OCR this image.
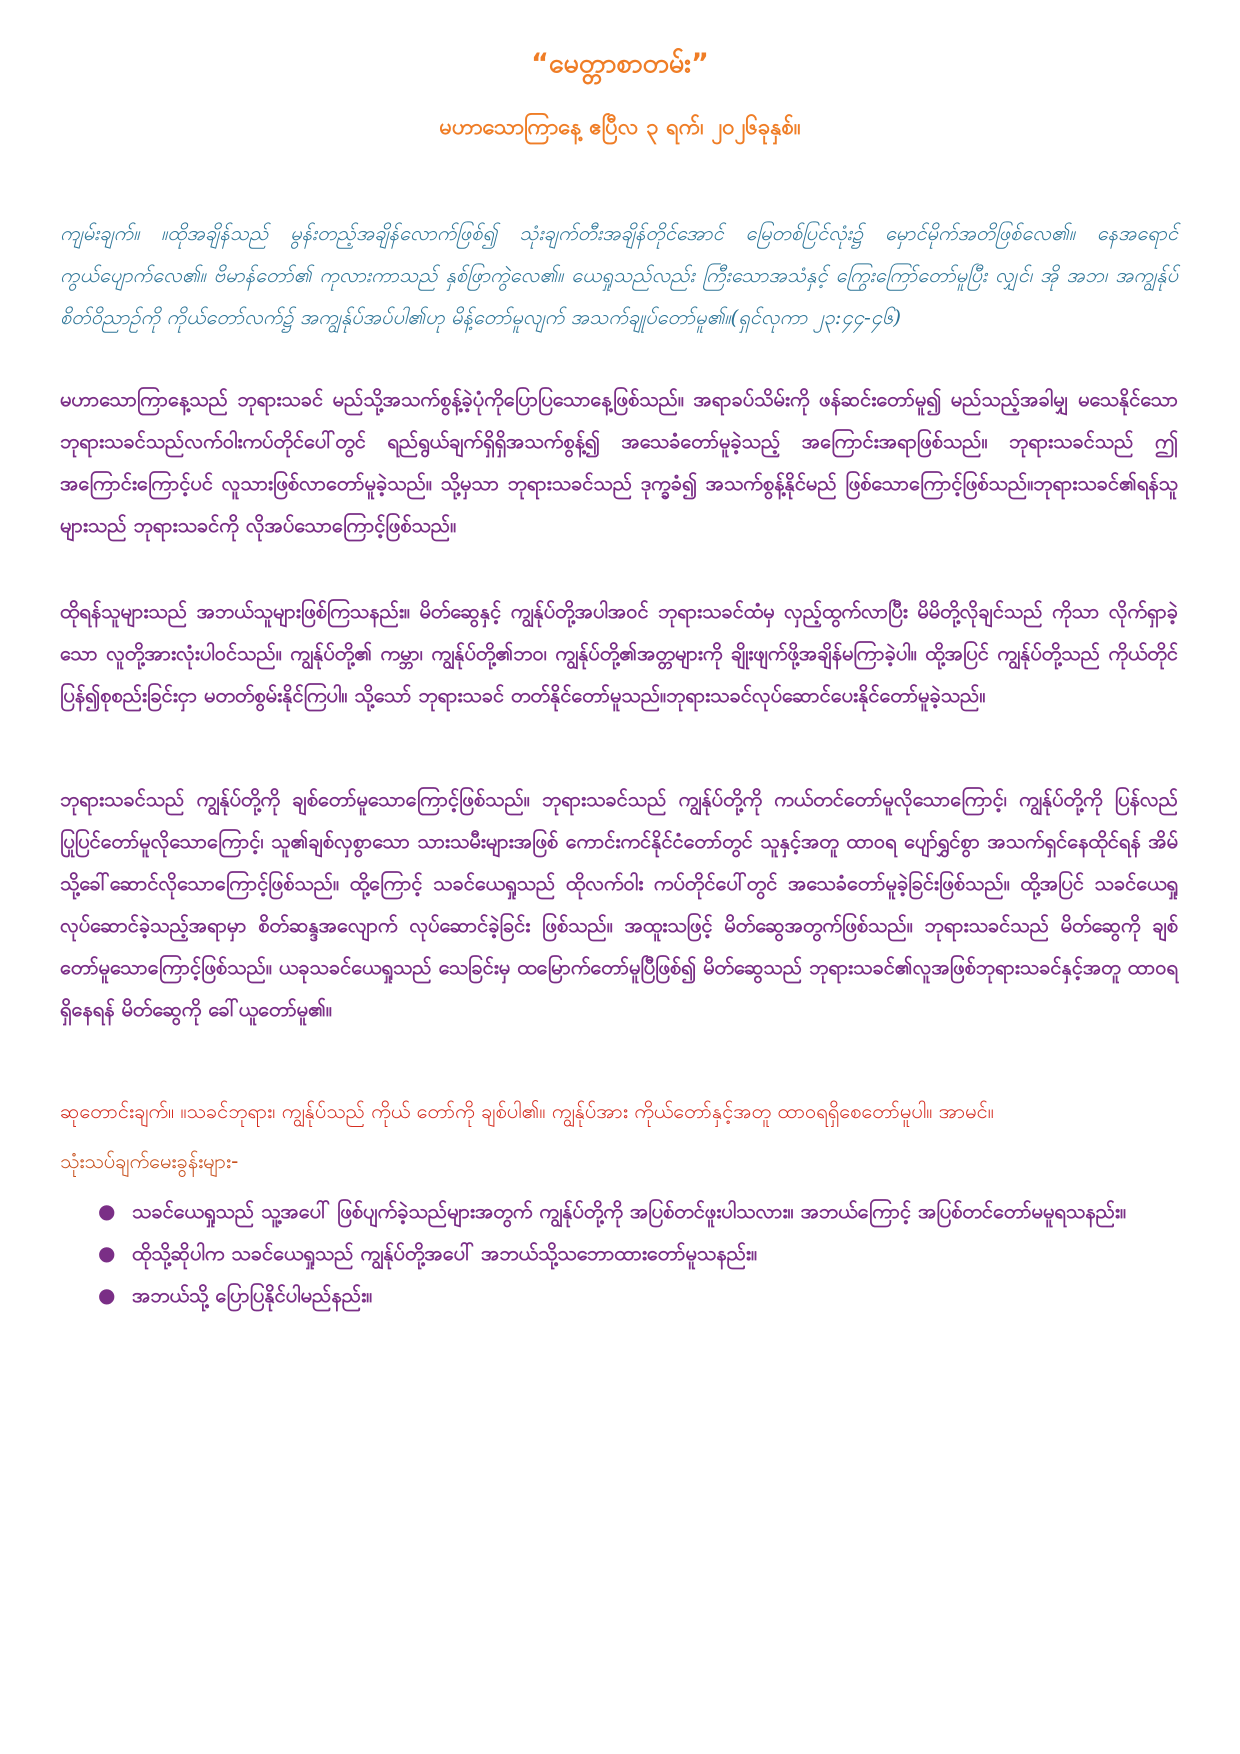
“မေတ္တာစာတမ်း”
မဟာသောကြာနေ့ ဧပြီလ ၃ ရက်၊ ၂၀၂၆ခုနှစ်။
ကျမ်းချက်။ ။ထိုအချိန်သည် မွန်းတည့်အချိန်လောက်ဖြစ်၍ သုံးချက်တီးအချိန်တိုင်အောင် မြေတစ်ပြင်လုံး၌ မှောင်မိုက်အတိဖြစ်လေ၏။ နေအရောင် ကွယ်ပျောက်လေ၏။ ဗိမာန်တော်၏ ကုလားကာသည် နှစ်ဖြာကွဲလေ၏။ ယေရှုသည်လည်း ကြီးသောအသံနှင့် ကြွေးကြော်တော်မူပြီး လျှင်၊ အို အဘ၊ အကျွန်ုပ်စိတ်ဝိညာဉ်ကို ကိုယ်တော်လက်၌ အကျွန်ုပ်အပ်ပါ၏ဟု မိန့်တော်မူလျက် အသက်ချုပ်တော်မူ၏။(ရှင်လုကာ ၂၃:၄၄-၄၆)
မဟာသောကြာနေ့သည် ဘုရားသခင် မည်သို့အသက်စွန့်ခဲ့ပုံကိုပြောပြသောနေ့ဖြစ်သည်။ အရာခပ်သိမ်းကို ဖန်ဆင်းတော်မူ၍ မည်သည့်အခါမျှ မသေနိုင်သောဘုရားသခင်သည်လက်ဝါးကပ်တိုင်ပေါ်တွင် ရည်ရွယ်ချက်ရှိရှိအသက်စွန့်၍ အသေခံတော်မူခဲ့သည့် အကြောင်းအရာဖြစ်သည်။ ဘုရားသခင်သည် ဤအကြောင်းကြောင့်ပင် လူသားဖြစ်လာတော်မူခဲ့သည်။ သို့မှသာ ဘုရားသခင်သည် ဒုက္ခခံ၍ အသက်စွန့်နိုင်မည် ဖြစ်သောကြောင့်ဖြစ်သည်။ဘုရားသခင်၏ရန်သူများသည် ဘုရားသခင်ကို လိုအပ်သောကြောင့်ဖြစ်သည်။
ထိုရန်သူများသည် အဘယ်သူများဖြစ်ကြသနည်း။ မိတ်ဆွေနှင့် ကျွန်ုပ်တို့အပါအဝင် ဘုရားသခင်ထံမှ လှည့်ထွက်လာပြီး မိမိတို့လိုချင်သည် ကိုသာ လိုက်ရှာခဲ့သော လူတို့အားလုံးပါဝင်သည်။ ကျွန်ုပ်တို့၏ ကမ္ဘာ၊ ကျွန်ုပ်တို့၏ဘဝ၊ ကျွန်ုပ်တို့၏အတ္တများကို ချိုးဖျက်ဖို့အချိန်မကြာခဲ့ပါ။ ထို့အပြင် ကျွန်ုပ်တို့သည် ကိုယ်တိုင် ပြန်၍စုစည်းခြင်းငှာ မတတ်စွမ်းနိုင်ကြပါ။ သို့သော် ဘုရားသခင် တတ်နိုင်တော်မူသည်။ဘုရားသခင်လုပ်ဆောင်ပေးနိုင်တော်မူခဲ့သည်။
ဘုရားသခင်သည် ကျွန်ုပ်တို့ကို ချစ်တော်မူသောကြောင့်ဖြစ်သည်။ ဘုရားသခင်သည် ကျွန်ုပ်တို့ကို ကယ်တင်တော်မူလိုသောကြောင့်၊ ကျွန်ုပ်တို့ကို ပြန်လည်ပြုပြင်တော်မူလိုသောကြောင့်၊ သူ၏ချစ်လှစွာသော သားသမီးများအဖြစ် ကောင်းကင်နိုင်ငံတော်တွင် သူနှင့်အတူ ထာဝရ ပျော်ရွှင်စွာ အသက်ရှင်နေထိုင်ရန် အိမ်သို့ခေါ်ဆောင်လိုသောကြောင့်ဖြစ်သည်။ ထို့ကြောင့် သခင်ယေရှုသည် ထိုလက်ဝါး ကပ်တိုင်ပေါ်တွင် အသေခံတော်မူခဲ့ခြင်းဖြစ်သည်။ ထို့အပြင် သခင်ယေရှုလုပ်ဆောင်ခဲ့သည့်အရာမှာ စိတ်ဆန္ဒအလျောက် လုပ်ဆောင်ခဲ့ခြင်း ဖြစ်သည်။ အထူးသဖြင့် မိတ်ဆွေအတွက်ဖြစ်သည်။ ဘုရားသခင်သည် မိတ်ဆွေကို ချစ်တော်မူသောကြောင့်ဖြစ်သည်။ ယခုသခင်ယေရှုသည် သေခြင်းမှ ထမြောက်တော်မူပြီဖြစ်၍ မိတ်ဆွေသည် ဘုရားသခင်၏လူအဖြစ်ဘုရားသခင်နှင့်အတူ ထာဝရရှိနေရန် မိတ်ဆွေကို ခေါ်ယူတော်မူ၏။
ဆုတောင်းချက်။ ။သခင်ဘုရား၊ ကျွန်ုပ်သည် ကိုယ် တော်ကို ချစ်ပါ၏။ ကျွန်ုပ်အား ကိုယ်တော်နှင့်အတူ ထာဝရရှိစေတော်မူပါ။ အာမင်။
သုံးသပ်ချက်မေးခွန်းများ-
● သခင်ယေရှုသည် သူ့အပေါ် ဖြစ်ပျက်ခဲ့သည်များအတွက် ကျွန်ုပ်တို့ကို အပြစ်တင်ဖူးပါသလား။ အဘယ်ကြောင့် အပြစ်တင်တော်မမူရသနည်း။
● ထိုသို့ဆိုပါက သခင်ယေရှုသည် ကျွန်ုပ်တို့အပေါ် အဘယ်သို့သဘောထားတော်မူသနည်း။
● အဘယ်သို့ ပြောပြနိုင်ပါမည်နည်း။
